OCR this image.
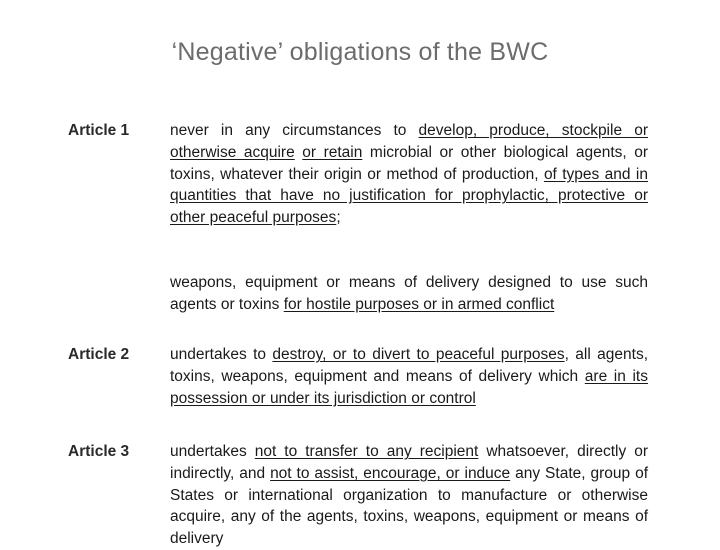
‘Negative’ obligations of the BWC
Article 1	never in any circumstances to develop, produce, stockpile or otherwise acquire or retain microbial or other biological agents, or toxins, whatever their origin or method of production, of types and in quantities that have no justification for prophylactic, protective or other peaceful purposes;
weapons, equipment or means of delivery designed to use such agents or toxins for hostile purposes or in armed conflict
Article 2	undertakes to destroy, or to divert to peaceful purposes, all agents, toxins, weapons, equipment and means of delivery which are in its possession or under its jurisdiction or control
Article 3	undertakes not to transfer to any recipient whatsoever, directly or indirectly, and not to assist, encourage, or induce any State, group of States or international organization to manufacture or otherwise acquire, any of the agents, toxins, weapons, equipment or means of delivery
